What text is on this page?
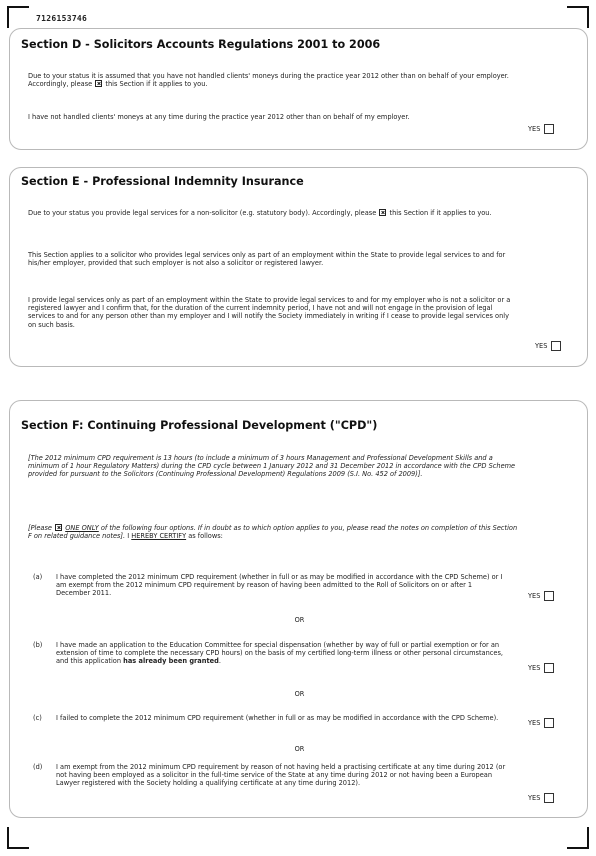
7126153746
Section D - Solicitors Accounts Regulations 2001 to 2006
Due to your status it is assumed that you have not handled clients' moneys during the practice year 2012 other than on behalf of your employer. Accordingly, please this Section if it applies to you.
I have not handled clients' moneys at any time during the practice year 2012 other than on behalf of my employer.
YES
Section E - Professional Indemnity Insurance
Due to your status you provide legal services for a non-solicitor (e.g. statutory body). Accordingly, please this Section if it applies to you.
This Section applies to a solicitor who provides legal services only as part of an employment within the State to provide legal services to and for his/her employer, provided that such employer is not also a solicitor or registered lawyer.
I provide legal services only as part of an employment within the State to provide legal services to and for my employer who is not a solicitor or a registered lawyer and I confirm that, for the duration of the current indemnity period, I have not and will not engage in the provision of legal services to and for any person other than my employer and I will notify the Society immediately in writing if I cease to provide legal services only on such basis.
YES
Section F: Continuing Professional Development ("CPD")
[The 2012 minimum CPD requirement is 13 hours (to include a minimum of 3 hours Management and Professional Development Skills and a minimum of 1 hour Regulatory Matters) during the CPD cycle between 1 January 2012 and 31 December 2012 in accordance with the CPD Scheme provided for pursuant to the Solicitors (Continuing Professional Development) Regulations 2009 (S.I. No. 452 of 2009)].
[Please ONE ONLY of the following four options. If in doubt as to which option applies to you, please read the notes on completion of this Section F on related guidance notes]. I HEREBY CERTIFY as follows:
(a) I have completed the 2012 minimum CPD requirement (whether in full or as may be modified in accordance with the CPD Scheme) or I am exempt from the 2012 minimum CPD requirement by reason of having been admitted to the Roll of Solicitors on or after 1 December 2011.	YES
OR
(b) I have made an application to the Education Committee for special dispensation (whether by way of full or partial exemption or for an extension of time to complete the necessary CPD hours) on the basis of my certified long-term illness or other personal circumstances, and this application has already been granted.
YES
OR
(c) I failed to complete the 2012 minimum CPD requirement (whether in full or as may be modified in accordance with the CPD Scheme).
YES
OR
(d) I am exempt from the 2012 minimum CPD requirement by reason of not having held a practising certificate at any time during 2012 (or not having been employed as a solicitor in the full-time service of the State at any time during 2012 or not having been a European Lawyer registered with the Society holding a qualifying certificate at any time during 2012).
YES
